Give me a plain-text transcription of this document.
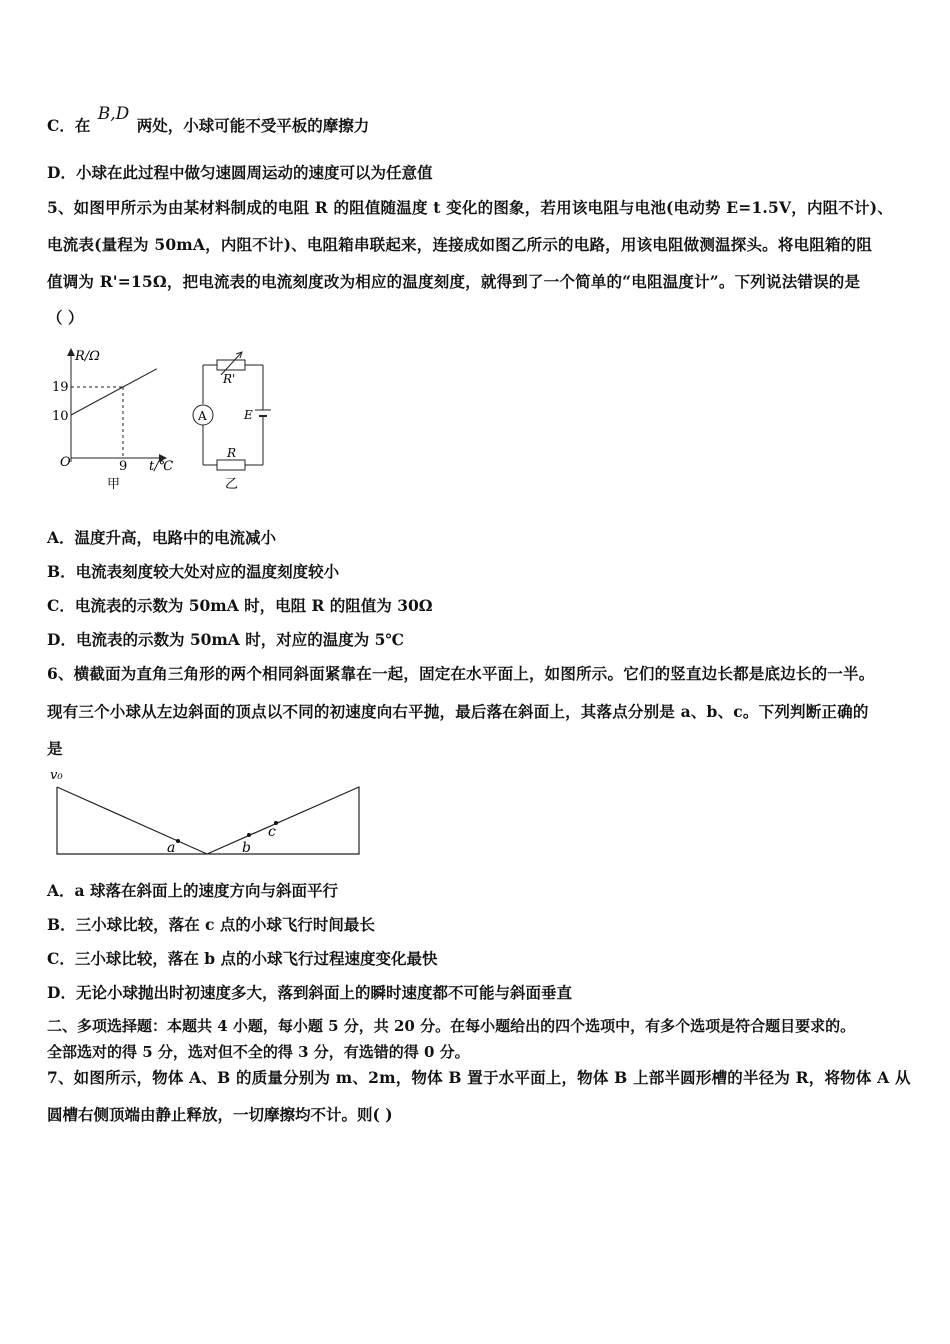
C．在 B,D 两处，小球可能不受平板的摩擦力
D．小球在此过程中做匀速圆周运动的速度可以为任意值
5、如图甲所示为由某材料制成的电阻 R 的阻值随温度 t 变化的图象，若用该电阻与电池(电动势 E=1.5V，内阻不计)、
电流表(量程为 50mA，内阻不计)、电阻箱串联起来，连接成如图乙所示的电路，用该电阻做测温探头。将电阻箱的阻
值调为 R'=15Ω，把电流表的电流刻度改为相应的温度刻度，就得到了一个简单的“电阻温度计”。下列说法错误的是
（ ）
R/Ω
19
10
O	9 t/℃
甲
A
R'
E
R
乙
A．温度升高，电路中的电流减小
B．电流表刻度较大处对应的温度刻度较小
C．电流表的示数为 50mA 时，电阻 R 的阻值为 30Ω
D．电流表的示数为 50mA 时，对应的温度为 5℃
6、横截面为直角三角形的两个相同斜面紧靠在一起，固定在水平面上，如图所示。它们的竖直边长都是底边长的一半。
现有三个小球从左边斜面的顶点以不同的初速度向右平抛，最后落在斜面上，其落点分别是 a、b、c。下列判断正确的
是
v₀
a	b
c
A．a 球落在斜面上的速度方向与斜面平行
B．三小球比较，落在 c 点的小球飞行时间最长
C．三小球比较，落在 b 点的小球飞行过程速度变化最快
D．无论小球抛出时初速度多大，落到斜面上的瞬时速度都不可能与斜面垂直
二、多项选择题：本题共 4 小题，每小题 5 分，共 20 分。在每小题给出的四个选项中，有多个选项是符合题目要求的。
全部选对的得 5 分，选对但不全的得 3 分，有选错的得 0 分。
7、如图所示，物体 A、B 的质量分别为 m、2m，物体 B 置于水平面上，物体 B 上部半圆形槽的半径为 R，将物体 A 从
圆槽右侧顶端由静止释放，一切摩擦均不计。则( )
